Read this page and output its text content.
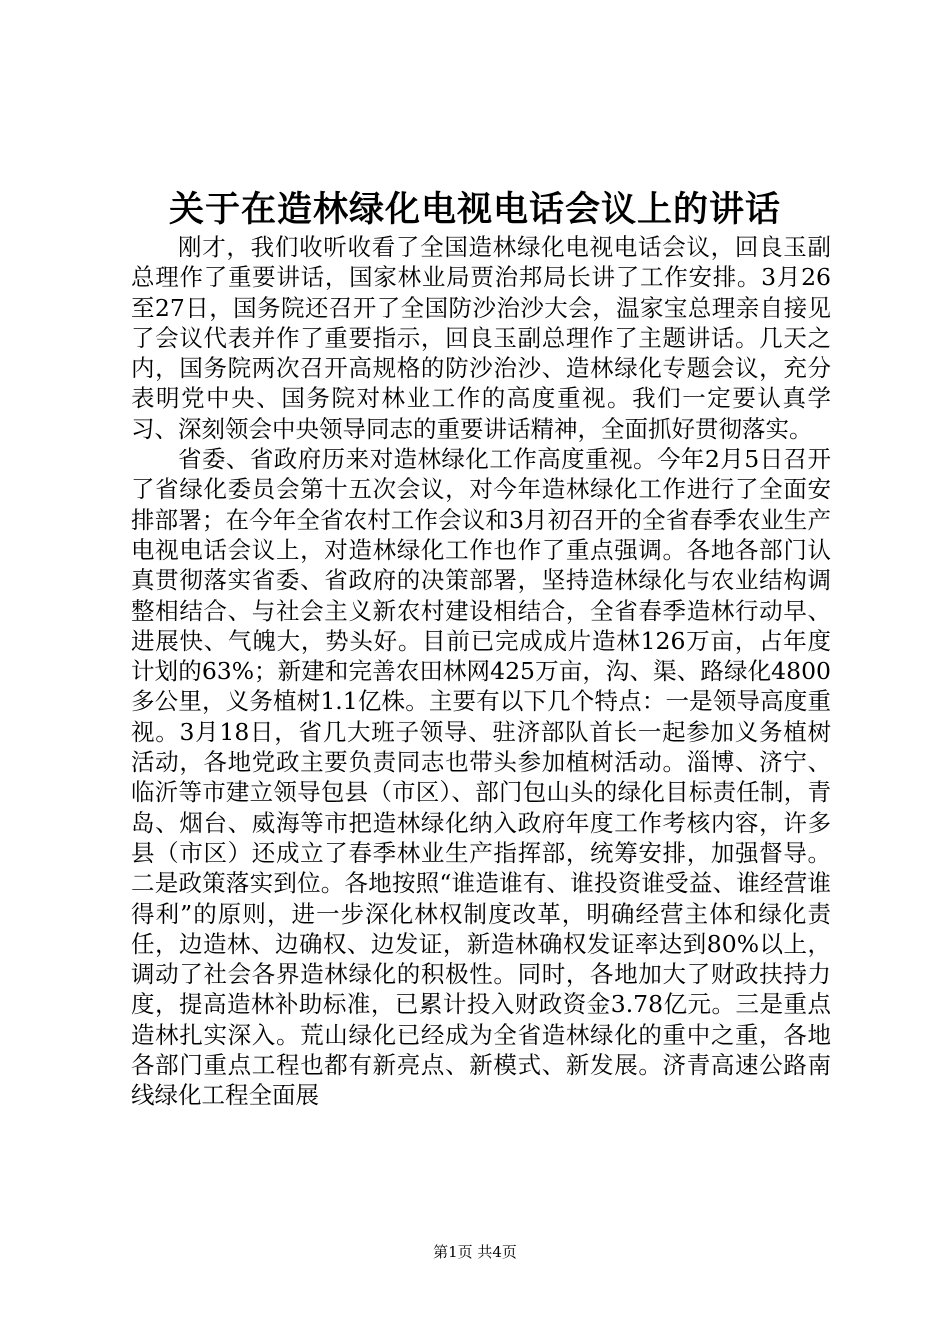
关于在造林绿化电视电话会议上的讲话

刚才，我们收听收看了全国造林绿化电视电话会议，回良玉副总理作了重要讲话，国家林业局贾治邦局长讲了工作安排。3月26至27日，国务院还召开了全国防沙治沙大会，温家宝总理亲自接见了会议代表并作了重要指示，回良玉副总理作了主题讲话。几天之内，国务院两次召开高规格的防沙治沙、造林绿化专题会议，充分表明党中央、国务院对林业工作的高度重视。我们一定要认真学习、深刻领会中央领导同志的重要讲话精神，全面抓好贯彻落实。

省委、省政府历来对造林绿化工作高度重视。今年2月5日召开了省绿化委员会第十五次会议，对今年造林绿化工作进行了全面安排部署；在今年全省农村工作会议和3月初召开的全省春季农业生产电视电话会议上，对造林绿化工作也作了重点强调。各地各部门认真贯彻落实省委、省政府的决策部署，坚持造林绿化与农业结构调整相结合、与社会主义新农村建设相结合，全省春季造林行动早、进展快、气魄大，势头好。目前已完成成片造林126万亩，占年度计划的63%；新建和完善农田林网425万亩，沟、渠、路绿化4800多公里，义务植树1.1亿株。主要有以下几个特点：一是领导高度重视。3月18日，省几大班子领导、驻济部队首长一起参加义务植树活动，各地党政主要负责同志也带头参加植树活动。淄博、济宁、临沂等市建立领导包县（市区）、部门包山头的绿化目标责任制，青岛、烟台、威海等市把造林绿化纳入政府年度工作考核内容，许多县（市区）还成立了春季林业生产指挥部，统筹安排，加强督导。二是政策落实到位。各地按照“谁造谁有、谁投资谁受益、谁经营谁得利”的原则，进一步深化林权制度改革，明确经营主体和绿化责任，边造林、边确权、边发证，新造林确权发证率达到80%以上，调动了社会各界造林绿化的积极性。同时，各地加大了财政扶持力度，提高造林补助标准，已累计投入财政资金3.78亿元。三是重点造林扎实深入。荒山绿化已经成为全省造林绿化的重中之重，各地各部门重点工程也都有新亮点、新模式、新发展。济青高速公路南线绿化工程全面展

第1页 共4页
